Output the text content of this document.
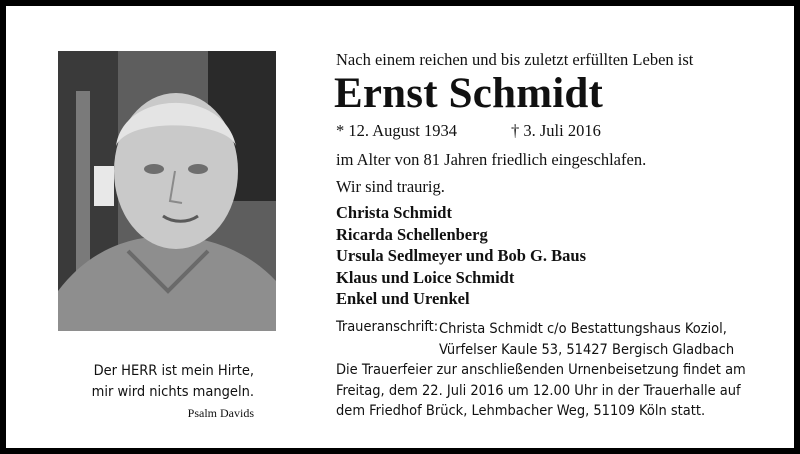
Der HERR ist mein Hirte,
mir wird nichts mangeln.
Psalm Davids
Nach einem reichen und bis zuletzt erfüllten Leben ist
Ernst Schmidt
* 12. August 1934	† 3. Juli 2016
im Alter von 81 Jahren friedlich eingeschlafen.
Wir sind traurig.
Christa Schmidt
Ricarda Schellenberg
Ursula Sedlmeyer und Bob G. Baus
Klaus und Loice Schmidt
Enkel und Urenkel
Traueranschrift: Christa Schmidt c/o Bestattungshaus Koziol,
Vürfelser Kaule 53, 51427 Bergisch Gladbach
Die Trauerfeier zur anschließenden Urnenbeisetzung findet am
Freitag, dem 22. Juli 2016 um 12.00 Uhr in der Trauerhalle auf
dem Friedhof Brück, Lehmbacher Weg, 51109 Köln statt.
